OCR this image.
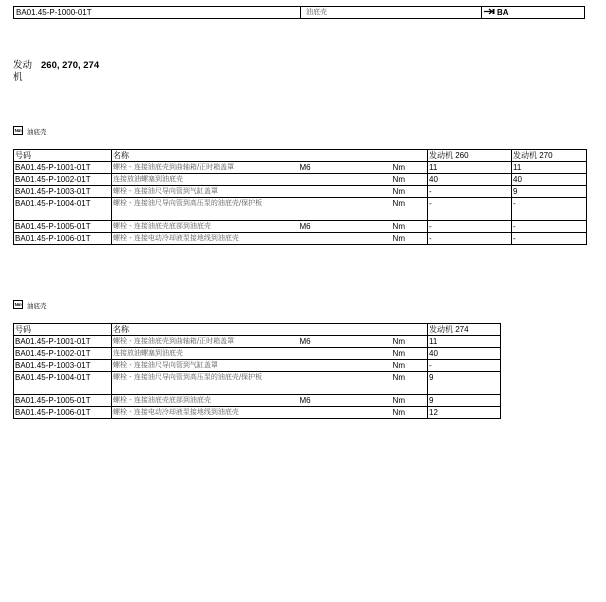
BA01.45-P-1000-01T	油底壳	BA
发动
机
260, 270, 274
Nm 油底壳
号码	名称			发动机 260	发动机 270
BA01.45-P-1001-01T	螺栓 - 连接油底壳到曲轴箱/正时箱盖罩	M6	Nm	11	11
BA01.45-P-1002-01T	连接放油螺塞到油底壳		Nm	40	40
BA01.45-P-1003-01T	螺栓 - 连接油尺导向管到气缸盖罩		Nm	-	9
BA01.45-P-1004-01T	螺栓 - 连接油尺导向管到高压泵的油底壳/保护板		Nm	-	-
BA01.45-P-1005-01T	螺栓 - 连接油底壳底部到油底壳	M6	Nm	-	-
BA01.45-P-1006-01T	螺栓 - 连接电动冷却液泵接地线到油底壳		Nm	-	-
Nm 油底壳
号码	名称			发动机 274
BA01.45-P-1001-01T	螺栓 - 连接油底壳到曲轴箱/正时箱盖罩	M6	Nm	11
BA01.45-P-1002-01T	连接放油螺塞到油底壳		Nm	40
BA01.45-P-1003-01T	螺栓 - 连接油尺导向管到气缸盖罩		Nm	-
BA01.45-P-1004-01T	螺栓 - 连接油尺导向管到高压泵的油底壳/保护板		Nm	9
BA01.45-P-1005-01T	螺栓 - 连接油底壳底部到油底壳	M6	Nm	9
BA01.45-P-1006-01T	螺栓 - 连接电动冷却液泵接地线到油底壳		Nm	12
